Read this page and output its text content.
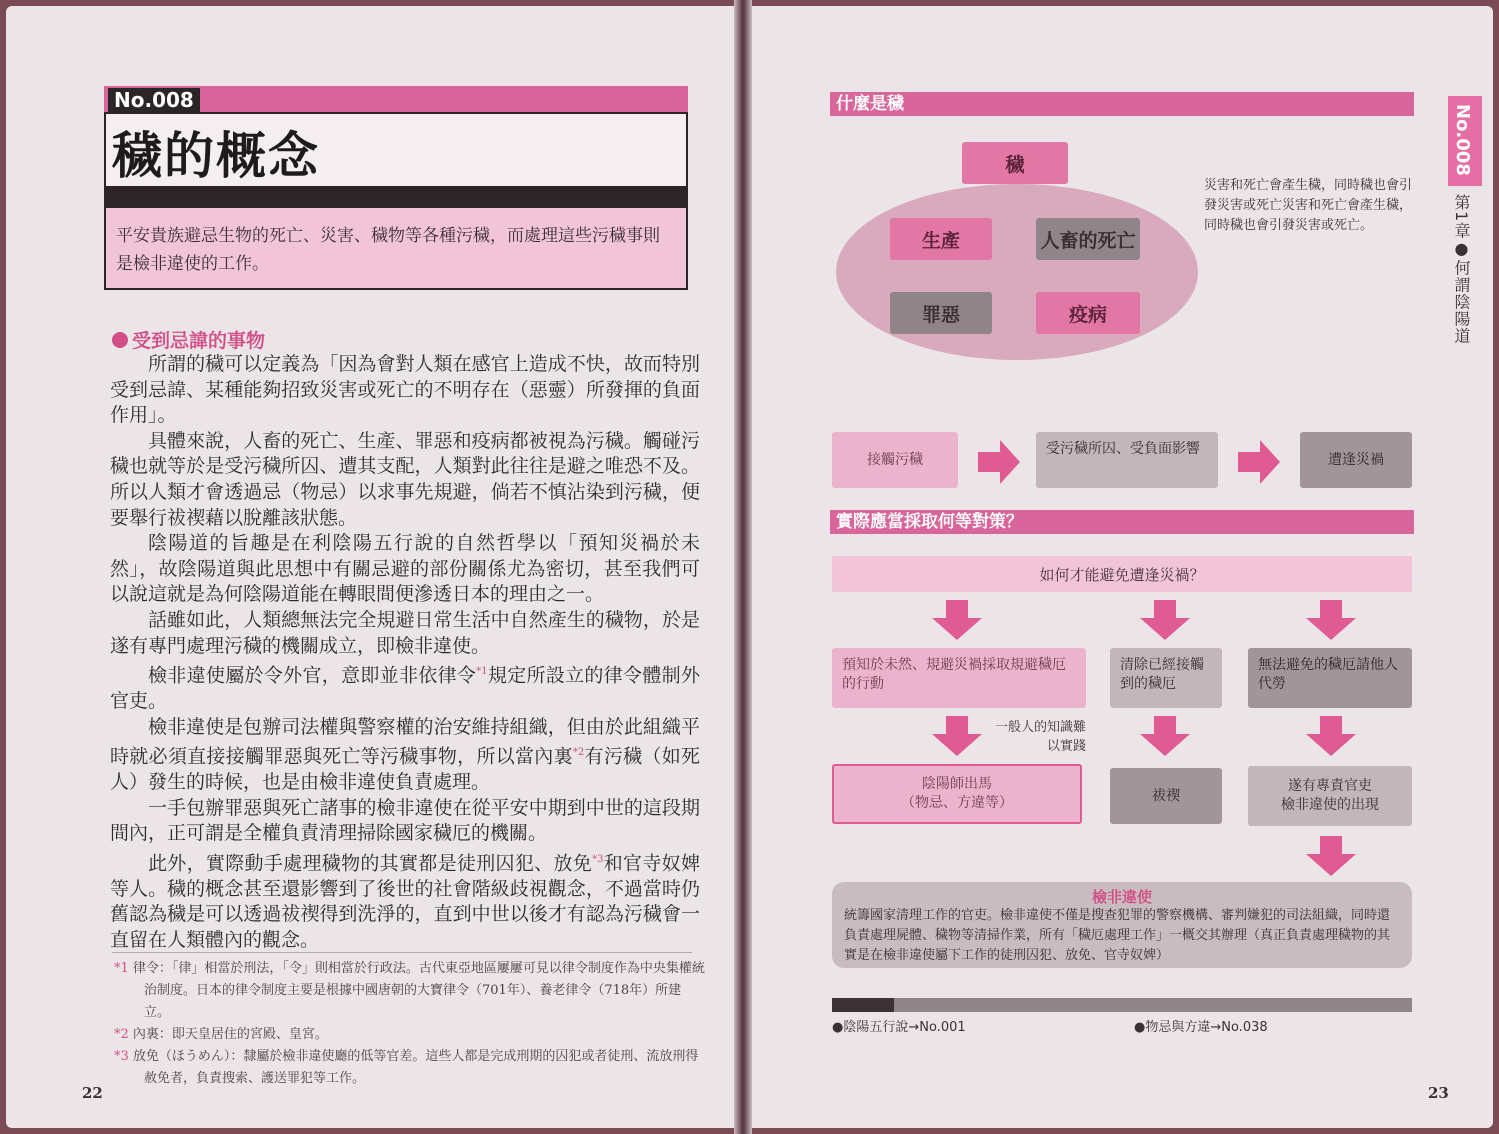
No.008
穢的概念
平安貴族避忌生物的死亡、災害、穢物等各種污穢，而處理這些污穢事則是檢非違使的工作。
受到忌諱的事物

所謂的穢可以定義為「因為會對人類在感官上造成不快，故而特別受到忌諱、某種能夠招致災害或死亡的不明存在（惡靈）所發揮的負面作用」。

具體來說，人畜的死亡、生產、罪惡和疫病都被視為污穢。觸碰污穢也就等於是受污穢所囚、遭其支配，人類對此往往是避之唯恐不及。所以人類才會透過忌（物忌）以求事先規避，倘若不慎沾染到污穢，便要舉行祓禊藉以脫離該狀態。

陰陽道的旨趣是在利陰陽五行說的自然哲學以「預知災禍於未然」，故陰陽道與此思想中有關忌避的部份關係尤為密切，甚至我們可以說這就是為何陰陽道能在轉眼間便滲透日本的理由之一。

話雖如此，人類總無法完全規避日常生活中自然產生的穢物，於是遂有專門處理污穢的機關成立，即檢非違使。

檢非違使屬於令外官，意即並非依律令$^{*1}$規定所設立的律令體制外官吏。

檢非違使是包辦司法權與警察權的治安維持組織，但由於此組織平時就必須直接接觸罪惡與死亡等污穢事物，所以當內裏$^{*2}$有污穢（如死人）發生的時候，也是由檢非違使負責處理。

一手包辦罪惡與死亡諸事的檢非違使在從平安中期到中世的這段期間內，正可謂是全權負責清理掃除國家穢厄的機關。

此外，實際動手處理穢物的其實都是徒刑囚犯、放免$^{*3}$和官寺奴婢等人。穢的概念甚至還影響到了後世的社會階級歧視觀念，不過當時仍舊認為穢是可以透過祓禊得到洗淨的，直到中世以後才有認為污穢會一直留在人類體內的觀念。

*1 律令：「律」相當於刑法，「令」則相當於行政法。古代東亞地區屢屢可見以律令制度作為中央集權統治制度。日本的律令制度主要是根據中國唐朝的大寶律令（701年）、養老律令（718年）所建立。
*2 內裏：即天皇居住的宮殿、皇宮。
*3 放免（ほうめん）：隸屬於檢非違使廳的低等官差。這些人都是完成刑期的囚犯或者徒刑、流放刑得赦免者，負責搜索、護送罪犯等工作。
22
什麼是穢
穢
生產	人畜的死亡
罪惡	疫病
災害和死亡會產生穢，同時穢也會引發災害或死亡災害和死亡會產生穢，同時穢也會引發災害或死亡。
接觸污穢
受污穢所囚、受負面影響
遭逢災禍
實際應當採取何等對策？
如何才能避免遭逢災禍？
預知於未然、規避災禍採取規避穢厄的行動
清除已經接觸到的穢厄
無法避免的穢厄請他人代勞
一般人的知識難以實踐
陰陽師出馬
（物忌、方違等）	祓禊
遂有專責官吏
檢非違使的出現
檢非違使
統籌國家清理工作的官吏。檢非違使不僅是搜查犯罪的警察機構、審判嫌犯的司法組織，同時還負責處理屍體、穢物等清掃作業，所有「穢厄處理工作」一概交其辦理（真正負責處理穢物的其實是在檢非違使屬下工作的徒刑囚犯、放免、官寺奴婢）
●陰陽五行說→No.001	●物忌與方違→No.038
No.008
第1章●何謂陰陽道
23
